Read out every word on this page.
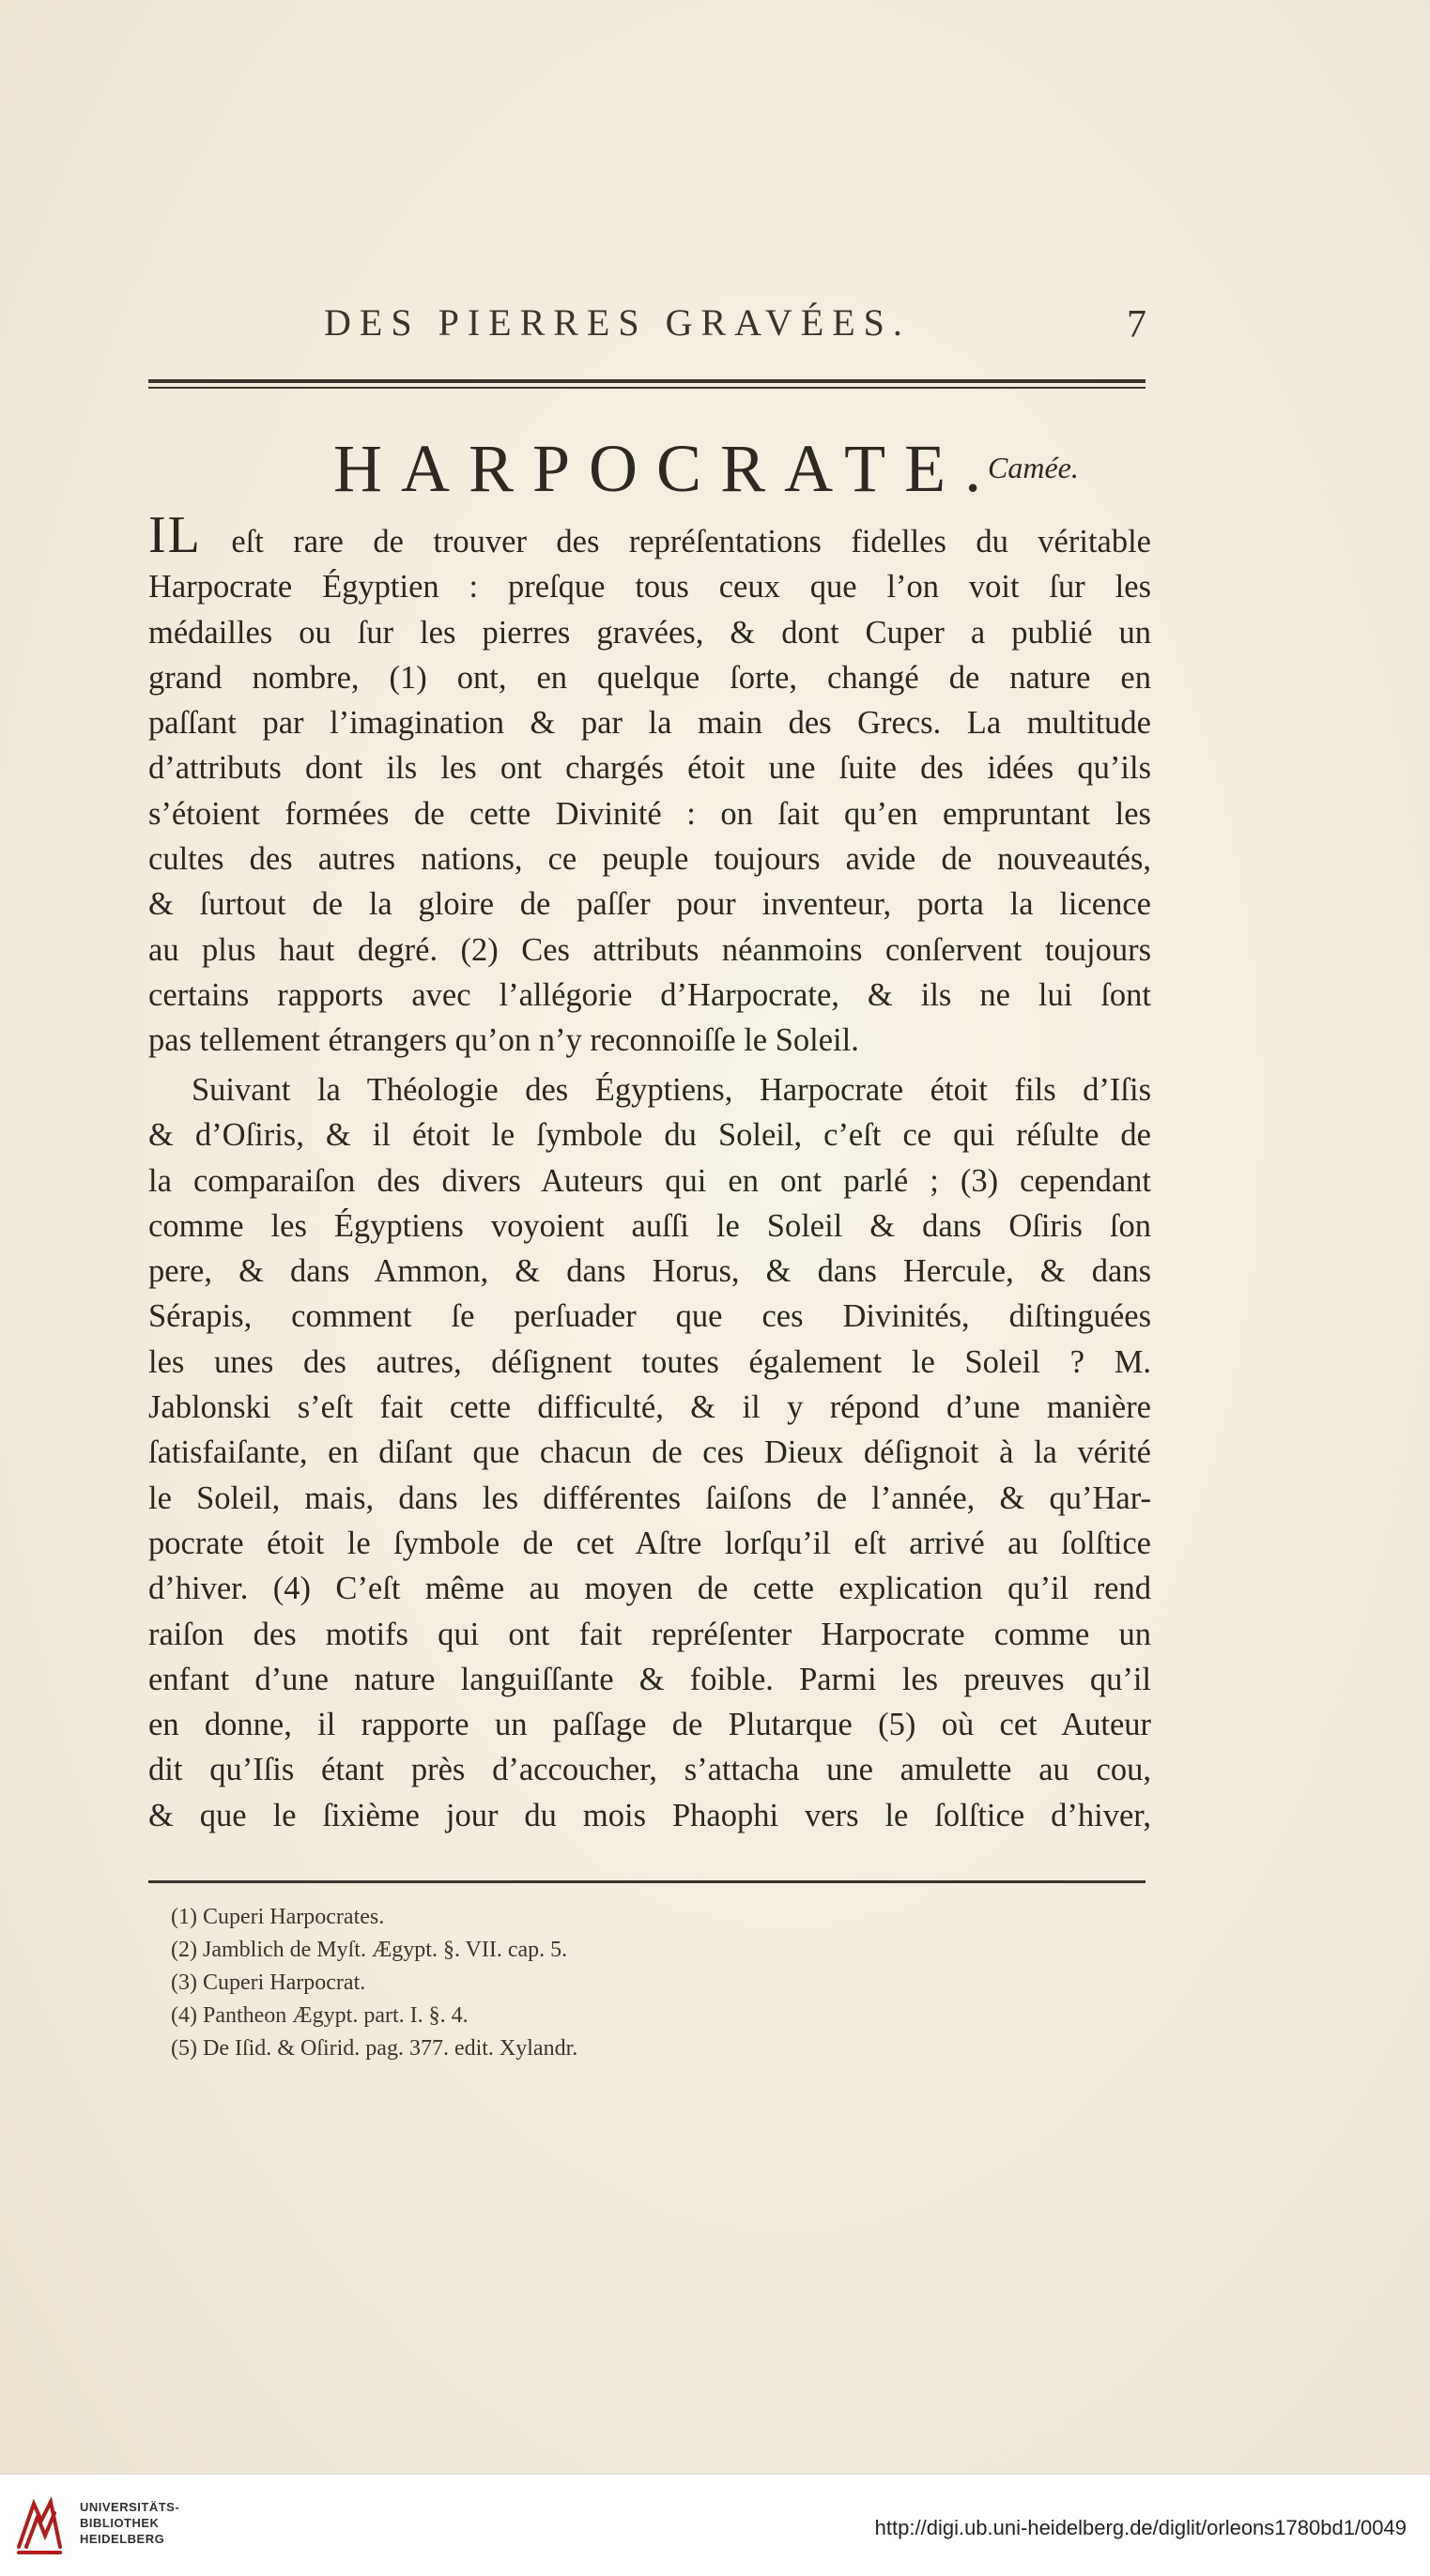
DES PIERRES GRAVÉES.	7
HARPOCRATE.
Camée.
IL eſt rare de trouver des repréſentations fidelles du véritable
Harpocrate Égyptien : preſque tous ceux que l’on voit ſur les
médailles ou ſur les pierres gravées, & dont Cuper a publié un
grand nombre, (1) ont, en quelque ſorte, changé de nature en
paſſant par l’imagination & par la main des Grecs. La multitude
d’attributs dont ils les ont chargés étoit une ſuite des idées qu’ils
s’étoient formées de cette Divinité : on ſait qu’en empruntant les
cultes des autres nations, ce peuple toujours avide de nouveautés,
& ſurtout de la gloire de paſſer pour inventeur, porta la licence
au plus haut degré. (2) Ces attributs néanmoins conſervent toujours
certains rapports avec l’allégorie d’Harpocrate, & ils ne lui ſont
pas tellement étrangers qu’on n’y reconnoiſſe le Soleil.
Suivant la Théologie des Égyptiens, Harpocrate étoit fils d’Iſis
& d’Oſiris, & il étoit le ſymbole du Soleil, c’eſt ce qui réſulte de
la comparaiſon des divers Auteurs qui en ont parlé ; (3) cependant
comme les Égyptiens voyoient auſſi le Soleil & dans Oſiris ſon
pere, & dans Ammon, & dans Horus, & dans Hercule, & dans
Sérapis, comment ſe perſuader que ces Divinités, diſtinguées
les unes des autres, déſignent toutes également le Soleil ? M.
Jablonski s’eſt fait cette difficulté, & il y répond d’une manière
ſatisfaiſante, en diſant que chacun de ces Dieux déſignoit à la vérité
le Soleil, mais, dans les différentes ſaiſons de l’année, & qu’Har-
pocrate étoit le ſymbole de cet Aſtre lorſqu’il eſt arrivé au ſolſtice
d’hiver. (4) C’eſt même au moyen de cette explication qu’il rend
raiſon des motifs qui ont fait repréſenter Harpocrate comme un
enfant d’une nature languiſſante & foible. Parmi les preuves qu’il
en donne, il rapporte un paſſage de Plutarque (5) où cet Auteur
dit qu’Iſis étant près d’accoucher, s’attacha une amulette au cou,
& que le ſixième jour du mois Phaophi vers le ſolſtice d’hiver,
(1) Cuperi Harpocrates.
(2) Jamblich de Myſt. Ægypt. §. VII. cap. 5.
(3) Cuperi Harpocrat.
(4) Pantheon Ægypt. part. I. §. 4.
(5) De Iſid. & Oſirid. pag. 377. edit. Xylandr.
UNIVERSITÄTS-
BIBLIOTHEK
HEIDELBERG	http://digi.ub.uni-heidelberg.de/diglit/orleons1780bd1/0049
